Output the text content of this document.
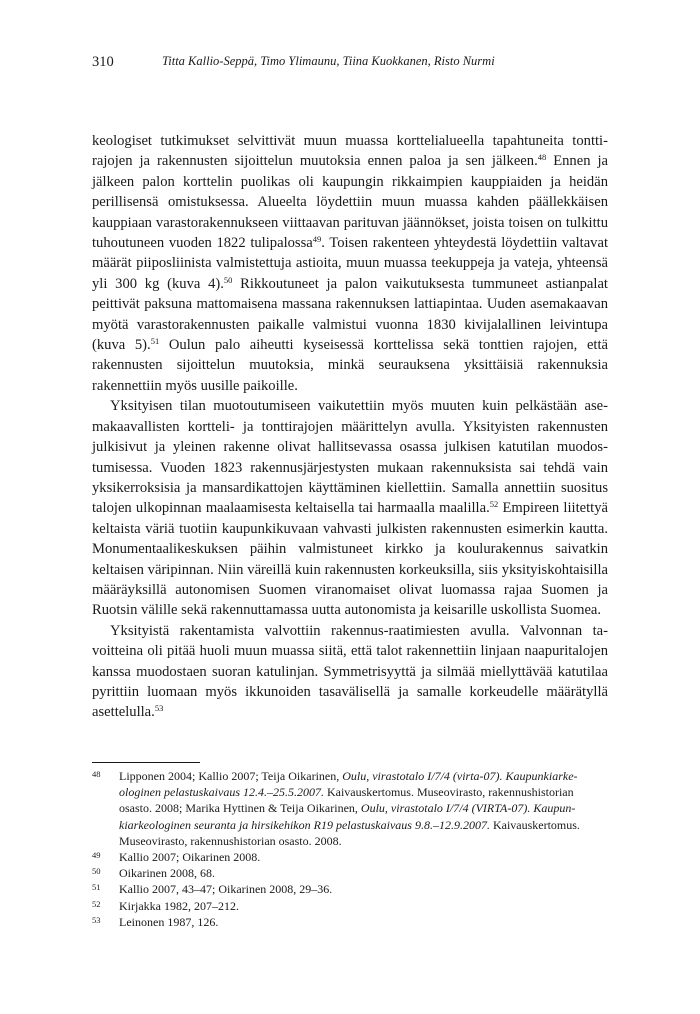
310	Titta Kallio-Seppä, Timo Ylimaunu, Tiina Kuokkanen, Risto Nurmi

keologiset tutkimukset selvittivät muun muassa korttelialueella tapahtuneita tonttirajojen ja rakennusten sijoittelun muutoksia ennen paloa ja sen jälkeen.$^{48}$ Ennen ja jälkeen palon korttelin puolikas oli kaupungin rikkaimpien kauppiaiden ja heidän perillisensä omistuksessa. Alueelta löydettiin muun muassa kahden päällekkäisen kauppiaan varastorakennukseen viittaavan parituvan jäännökset, joista toisen on tulkittu tuhoutuneen vuoden 1822 tulipalossa$^{49}$. Toisen rakenteen yhteydestä löydettiin valtavat määrät piiposliinista valmistettuja astioita, muun muassa teekuppeja ja vateja, yhteensä yli 300 kg (kuva 4).$^{50}$ Rikkoutuneet ja palon vaikutuksesta tummuneet astianpalat peittivät paksuna mattomaisena massana rakennuksen lattiapintaa. Uuden asemakaavan myötä varastorakennusten paikalle valmistui vuonna 1830 kivijalallinen leivintupa (kuva 5).$^{51}$ Oulun palo aiheutti kyseisessä korttelissa sekä tonttien rajojen, että rakennusten sijoittelun muutoksia, minkä seurauksena yksittäisiä rakennuksia rakennettiin myös uusille paikoille.

Yksityisen tilan muotoutumiseen vaikutettiin myös muuten kuin pelkästään asemakaavallisten kortteli- ja tonttirajojen määrittelyn avulla. Yksityisten rakennusten julkisivut ja yleinen rakenne olivat hallitsevassa osassa julkisen katutilan muodostumisessa. Vuoden 1823 rakennusjärjestysten mukaan rakennuksista sai tehdä vain yksikerroksisia ja mansardikattojen käyttäminen kiellettiin. Samalla annettiin suositus talojen ulkopinnan maalaamisesta keltaisella tai harmaalla maalilla.$^{52}$ Empireen liitettyä keltaista väriä tuotiin kaupunkikuvaan vahvasti julkisten rakennusten esimerkin kautta. Monumentaalikeskuksen päihin valmistuneet kirkko ja koulurakennus saivatkin keltaisen väripinnan. Niin väreillä kuin rakennusten korkeuksilla, siis yksityiskohtaisilla määräyksillä autonomisen Suomen viranomaiset olivat luomassa rajaa Suomen ja Ruotsin välille sekä rakennuttamassa uutta autonomista ja keisarille uskollista Suomea.

Yksityistä rakentamista valvottiin rakennus-raatimiesten avulla. Valvonnan tavoitteina oli pitää huoli muun muassa siitä, että talot rakennettiin linjaan naapuritalojen kanssa muodostaen suoran katulinjan. Symmetrisyyttä ja silmää miellyttävää katutilaa pyrittiin luomaan myös ikkunoiden tasavälisellä ja samalle korkeudelle määrätyllä asettelulla.$^{53}$

48 Lipponen 2004; Kallio 2007; Teija Oikarinen, Oulu, virastotalo I/7/4 (virta-07). Kaupunkiarkeologinen pelastuskaivaus 12.4.–25.5.2007. Kaivauskertomus. Museovirasto, rakennushistorian osasto. 2008; Marika Hyttinen & Teija Oikarinen, Oulu, virastotalo I/7/4 (VIRTA-07). Kaupunkiarkeologinen seuranta ja hirsikehikon R19 pelastuskaivaus 9.8.–12.9.2007. Kaivauskertomus. Museovirasto, rakennushistorian osasto. 2008.
49 Kallio 2007; Oikarinen 2008.
50 Oikarinen 2008, 68.
51 Kallio 2007, 43–47; Oikarinen 2008, 29–36.
52 Kirjakka 1982, 207–212.
53 Leinonen 1987, 126.
